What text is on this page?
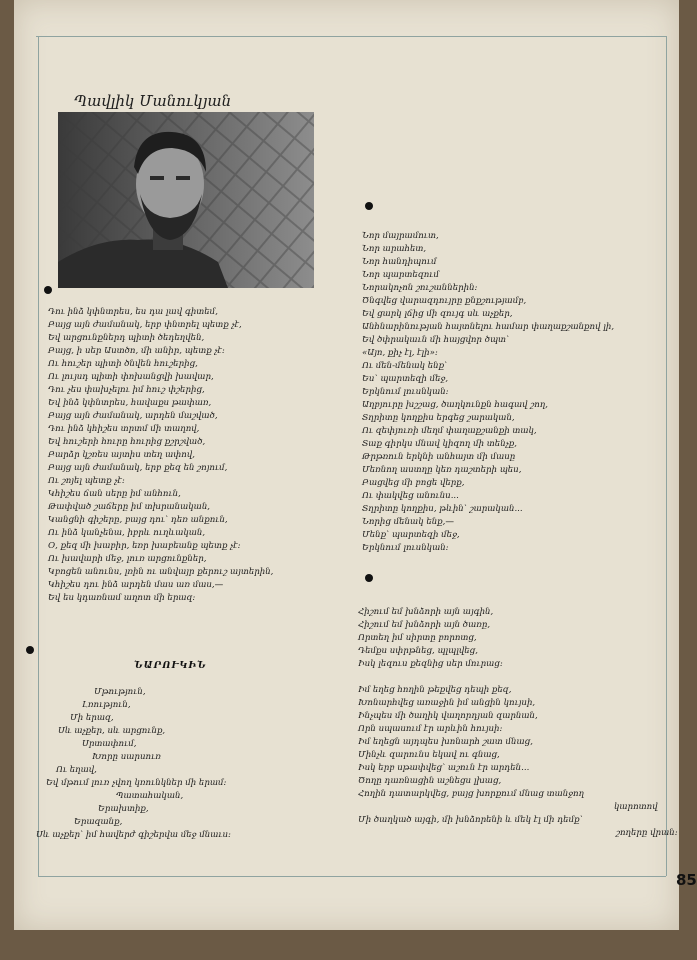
Պավլիկ Մանուկյան
Դու ինձ կփնտրես, ես դա լավ գիտեմ,
Բայց այն ժամանակ, երբ փնտրել պետք չէ,
Եվ արցունքներդ պիտի ծեդեղվեն,
Բայց, ի սեր Աստծո, մի անիր, պետք չէ։
Ու հուշեր պիտի ծնվեն հուշերից,
Ու լույսդ պիտի փոխանցվի խավար,
Դու չես փախչելու իմ հուշ փշերից,
Եվ ինձ կփնտրես, հավաքս թափառ,
Բայց այն ժամանակ, արդեն մաշված,
Դու ինձ կհիշես տրտմ մի տաղով,
Եվ հուշերի հուրը հուրից քշրշված,
Բարձր կշռես այտիս տեղ ափով,
Բայց այն ժամանակ, երբ քեզ են շոյում,
Ու շոյել պետք չէ։
Կհիշես ճան սերը իմ անհուն,
Թափված շաճերը իմ տխրանական,
Կանցնի գիշերը, բայց դու՝ դեռ անքուն,
Ու ինձ կանչենա, իբրև ուղևական,
Օ, քեզ մի խաբիր, եռր խաբեանք պետք չէ։
Ու խավարի մեջ, լուռ արցունքներ,
Կբոցեն անունս, լռին ու անվայր քերուշ այտերին,
Կհիշես դու ինձ արդեն մաս առ մաս,—
Եվ ես կդառնամ աղոտ մի երազ։
ՆԱՐՈՒԿԻՆ
Մթություն,
Լռություն,
Մի երազ,
Սև աչքեր, սև արցունք,
Սրտափում,
Խորը սարսուռ
Ու եղավ,
Եվ մթում լուռ չվող կռունկներ մի երամ։
Պատահական,
Երախտիք,
Երազանք,
Սև աչքեր՝ իմ հավերժ գիշերվա մեջ մնաւս։
Նոր մայրամուտ,
Նոր արահետ,
Նոր հանդիպում
Նոր պարտեզում
Նորակոչոն շուշաններին։
Ծնգվեց վարազդույրը քնքշությամբ,
Եվ ցարկ լճից մի զույգ սև աչքեր,
Անհնարինության հայտնելու համար փաղաքշանքով լի,
Եվ ծփրակաւն մի հայցվոր ծպտ՝
«Այո, քիչ էլ, էլի»։
Ու մեն-մենակ ենք՝
Ես՝ պարտեզի մեջ,
Երկնում լուսնկան։
Աղբյուրը խշշաց, ծաղկունքն հագավ շող,
Տղրիտը կողքիս երգեց շարական,
Ու զեփյուռի մեղմ փաղաքշանքի տակ,
Տաք գիրկս մնավ կիզող մի տենչք,
Թրթռուն երկնի անհայտ մի մասը
Մեռնող աստղը կեռ դաշտերի պես,
Բացվեց մի բոցե վերք,
Ու փակվեց անունս...
Տղրիտը կողքիս, թևին՝ շարական...
Նորից մենակ ենք,—
Մենք՝ պարտեզի մեջ,
Երկնում լուսնկան։
Հիշում եմ խնձորի այն այգին,
Հիշում եմ խնձորի այն ծառը,
Որտեղ իմ սիրտը բորոտց,
Դեմքս սփրթնեց, պլպլվեց,
Իսկ լեզուս քեզնից սեր մուրաց։
Իմ եղեց հողին թեքվեց դեպի քեզ,
Խոնարհվեց առաջին իմ անցին կույսի,
Ինչպես մի ծաղիկ վաղորդյան զարնան,
Որն սպասում էր արևին հույսի։
Իմ եղեցն այդպես խոնարհ շատ մնաց,
Մինչև զարունս եկավ ու գնաց,
Իսկ երբ սթափվեց՝ աշուն էր արդեն...
Ծողը դառնացին աշնեցս լխաց,
Հողին դատարկվեց, բայց խորքում մնաց տանջող
կարոտով
Մի ծաղկած այգի, մի խնձորենի և մեկ էլ մի դեմք՝
շողերը վրան։
85
